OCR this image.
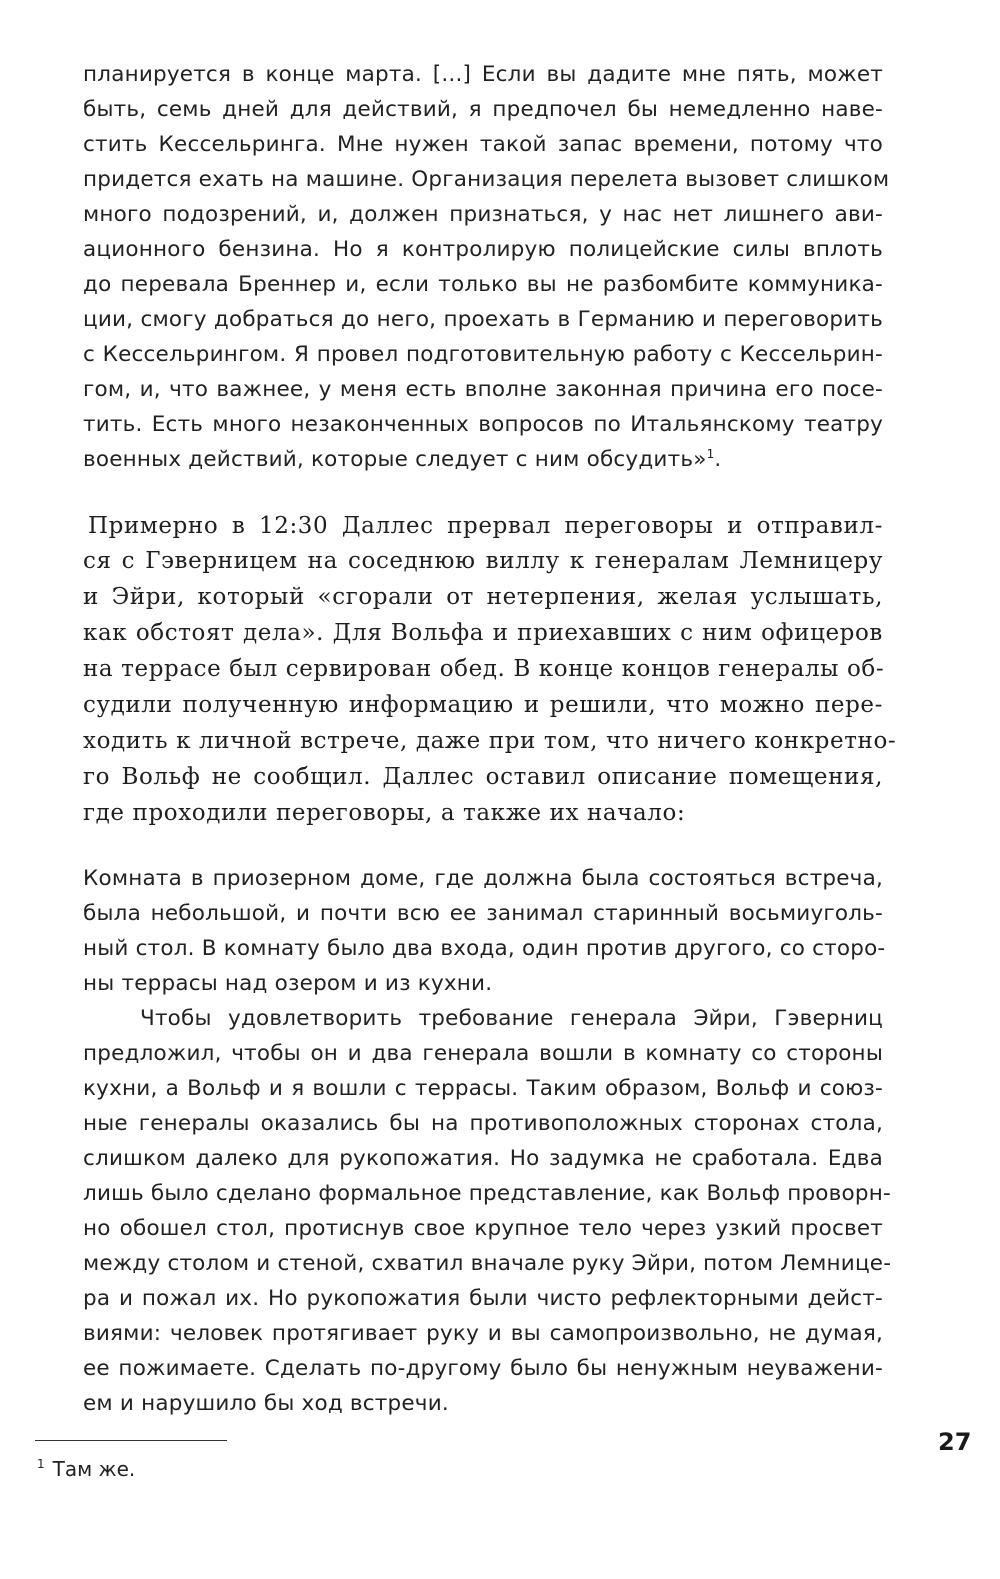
планируется в конце марта. [...] Если вы дадите мне пять, может

быть, семь дней для действий, я предпочел бы немедленно наве-

стить Кессельринга. Мне нужен такой запас времени, потому что

придется ехать на машине. Организация перелета вызовет слишком

много подозрений, и, должен признаться, у нас нет лишнего ави-

ационного бензина. Но я контролирую полицейские силы вплоть

до перевала Бреннер и, если только вы не разбомбите коммуника-

ции, смогу добраться до него, проехать в Германию и переговорить

с Кессельрингом. Я провел подготовительную работу с Кессельрин-

гом, и, что важнее, у меня есть вполне законная причина его посе-

тить. Есть много незаконченных вопросов по Итальянскому театру

военных действий, которые следует с ним обсудить»$^1$.

Примерно в 12:30 Даллес прервал переговоры и отправил-

ся с Гэверницем на соседнюю виллу к генералам Лемницеру

и Эйри, который «сгорали от нетерпения, желая услышать,

как обстоят дела». Для Вольфа и приехавших с ним офицеров

на террасе был сервирован обед. В конце концов генералы об-

судили полученную информацию и решили, что можно пере-

ходить к личной встрече, даже при том, что ничего конкретно-

го Вольф не сообщил. Даллес оставил описание помещения,

где проходили переговоры, а также их начало:

Комната в приозерном доме, где должна была состояться встреча,

была небольшой, и почти всю ее занимал старинный восьмиуголь-

ный стол. В комнату было два входа, один против другого, со сторо-

ны террасы над озером и из кухни.

Чтобы удовлетворить требование генерала Эйри, Гэверниц

предложил, чтобы он и два генерала вошли в комнату со стороны

кухни, а Вольф и я вошли с террасы. Таким образом, Вольф и союз-

ные генералы оказались бы на противоположных сторонах стола,

слишком далеко для рукопожатия. Но задумка не сработала. Едва

лишь было сделано формальное представление, как Вольф проворн-

но обошел стол, протиснув свое крупное тело через узкий просвет

между столом и стеной, схватил вначале руку Эйри, потом Лемнице-

ра и пожал их. Но рукопожатия были чисто рефлекторными дейст-

виями: человек протягивает руку и вы самопроизвольно, не думая,

ее пожимаете. Сделать по-другому было бы ненужным неуважени-

ем и нарушило бы ход встречи.

$^1$ Там же.
27
